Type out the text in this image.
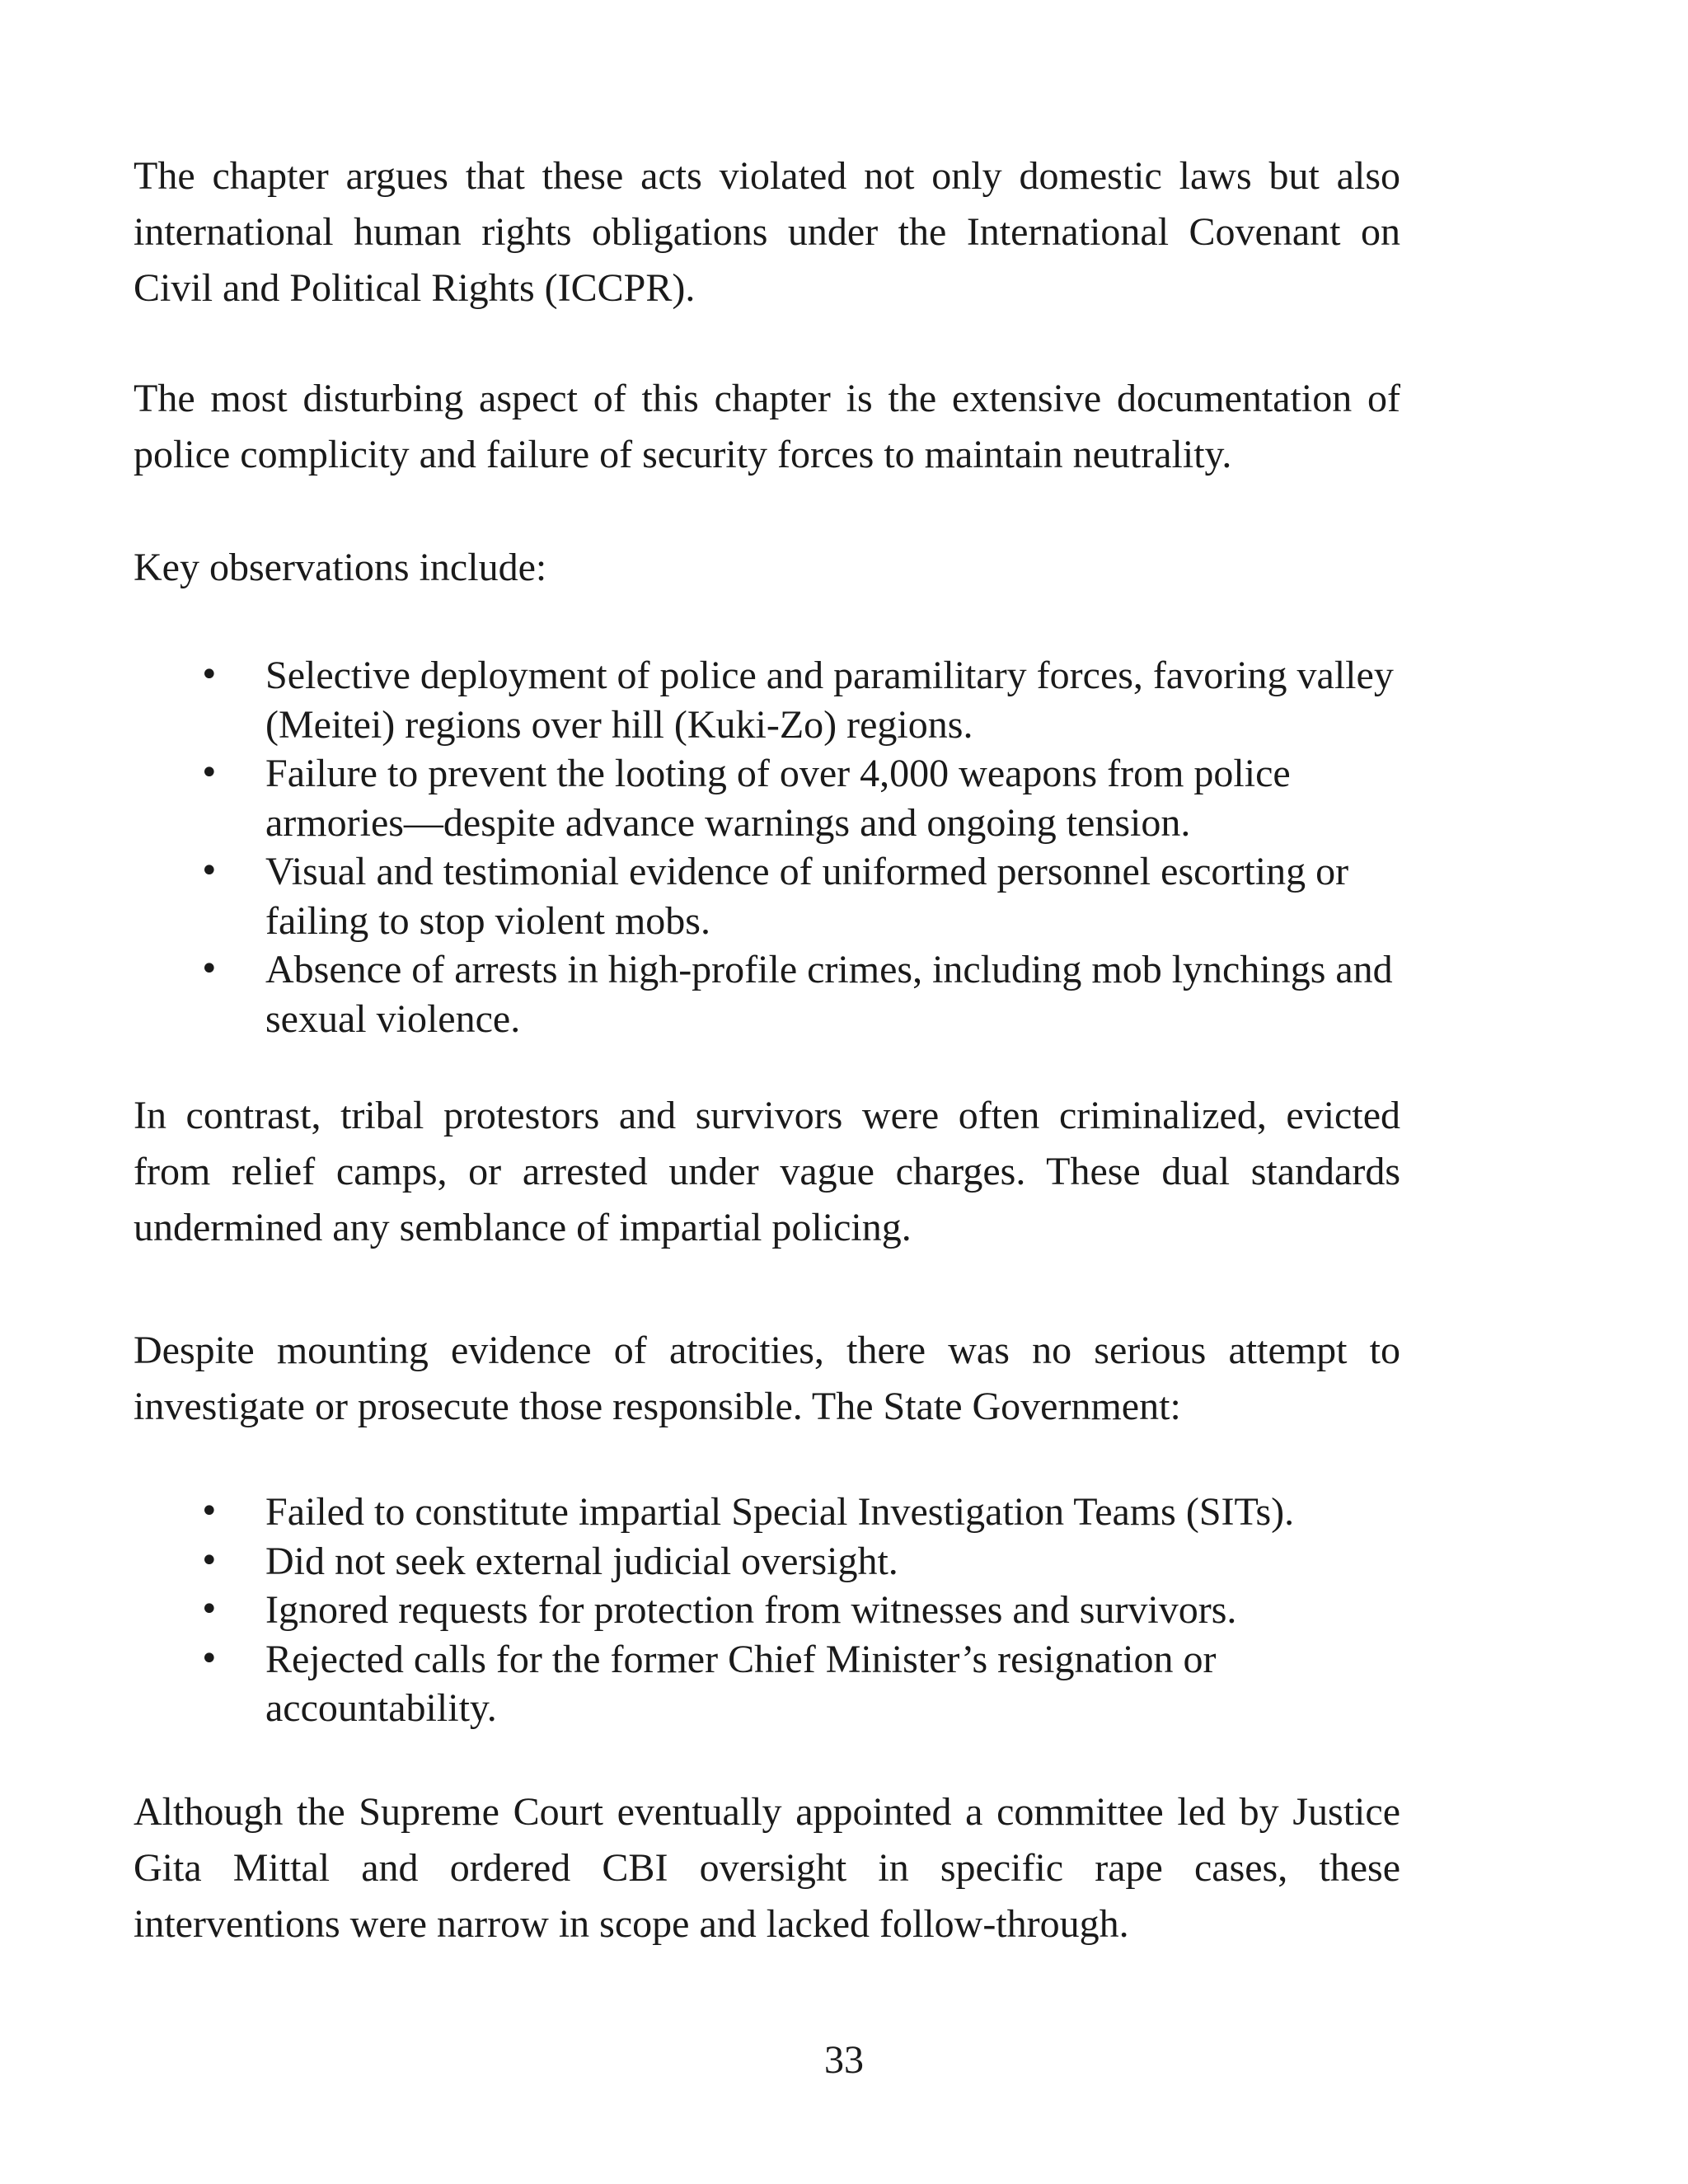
The chapter argues that these acts violated not only domestic laws but also international human rights obligations under the International Covenant on Civil and Political Rights (ICCPR).

The most disturbing aspect of this chapter is the extensive documentation of police complicity and failure of security forces to maintain neutrality.

Key observations include:

•	Selective deployment of police and paramilitary forces, favoring valley (Meitei) regions over hill (Kuki-Zo) regions.
•	Failure to prevent the looting of over 4,000 weapons from police armories—despite advance warnings and ongoing tension.
•	Visual and testimonial evidence of uniformed personnel escorting or failing to stop violent mobs.
•	Absence of arrests in high-profile crimes, including mob lynchings and sexual violence.

In contrast, tribal protestors and survivors were often criminalized, evicted from relief camps, or arrested under vague charges. These dual standards undermined any semblance of impartial policing.

Despite mounting evidence of atrocities, there was no serious attempt to investigate or prosecute those responsible. The State Government:

•	Failed to constitute impartial Special Investigation Teams (SITs).
•	Did not seek external judicial oversight.
•	Ignored requests for protection from witnesses and survivors.
•	Rejected calls for the former Chief Minister’s resignation or accountability.

Although the Supreme Court eventually appointed a committee led by Justice Gita Mittal and ordered CBI oversight in specific rape cases, these interventions were narrow in scope and lacked follow-through.

33
